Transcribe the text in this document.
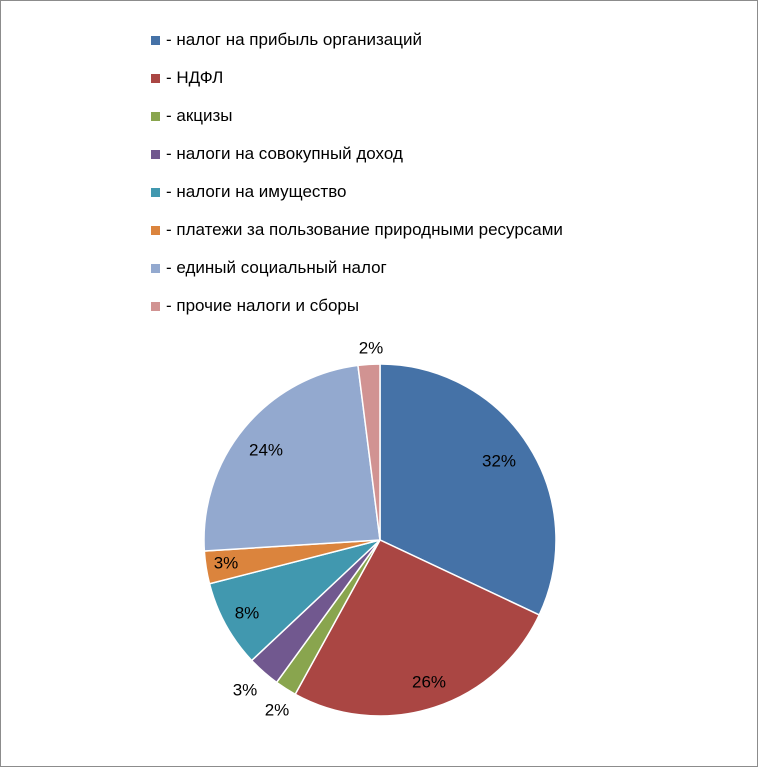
- налог на прибыль организаций
- НДФЛ
- акцизы
- налоги на совокупный доход
- налоги на имущество
- платежи за пользование природными ресурсами
- единый социальный налог
- прочие налоги и сборы
32%
26%
2%
3%
8%
3%
24%
2%
